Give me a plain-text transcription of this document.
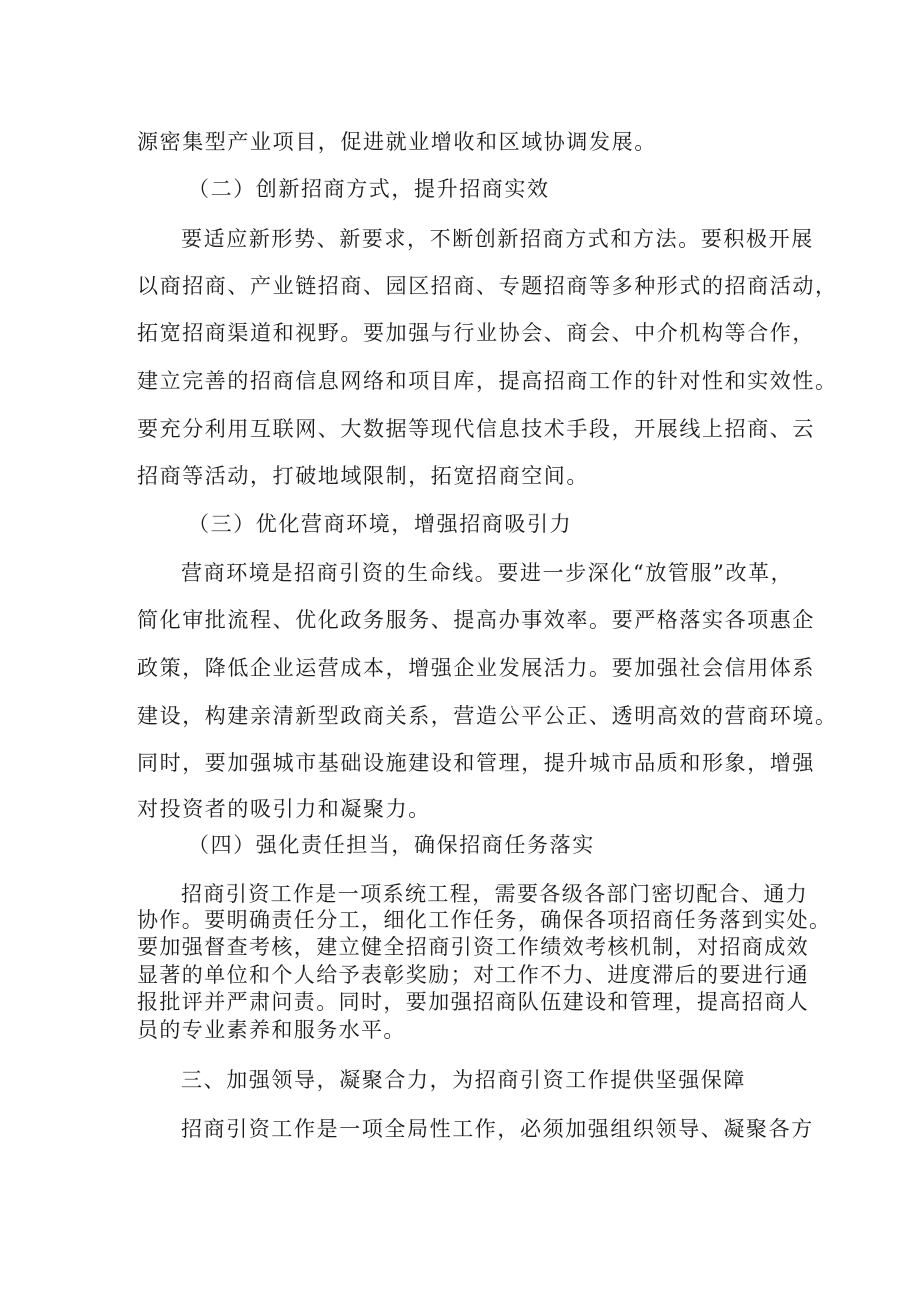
源密集型产业项目，促进就业增收和区域协调发展。
（二）创新招商方式，提升招商实效
要适应新形势、新要求，不断创新招商方式和方法。要积极开展
以商招商、产业链招商、园区招商、专题招商等多种形式的招商活动，
拓宽招商渠道和视野。要加强与行业协会、商会、中介机构等合作，
建立完善的招商信息网络和项目库，提高招商工作的针对性和实效性。
要充分利用互联网、大数据等现代信息技术手段，开展线上招商、云
招商等活动，打破地域限制，拓宽招商空间。
（三）优化营商环境，增强招商吸引力
营商环境是招商引资的生命线。要进一步深化“放管服”改革，
简化审批流程、优化政务服务、提高办事效率。要严格落实各项惠企
政策，降低企业运营成本，增强企业发展活力。要加强社会信用体系
建设，构建亲清新型政商关系，营造公平公正、透明高效的营商环境。
同时，要加强城市基础设施建设和管理，提升城市品质和形象，增强
对投资者的吸引力和凝聚力。
（四）强化责任担当，确保招商任务落实
招商引资工作是一项系统工程，需要各级各部门密切配合、通力
协作。要明确责任分工，细化工作任务，确保各项招商任务落到实处。
要加强督查考核，建立健全招商引资工作绩效考核机制，对招商成效
显著的单位和个人给予表彰奖励；对工作不力、进度滞后的要进行通
报批评并严肃问责。同时，要加强招商队伍建设和管理，提高招商人
员的专业素养和服务水平。
三、加强领导，凝聚合力，为招商引资工作提供坚强保障
招商引资工作是一项全局性工作，必须加强组织领导、凝聚各方
